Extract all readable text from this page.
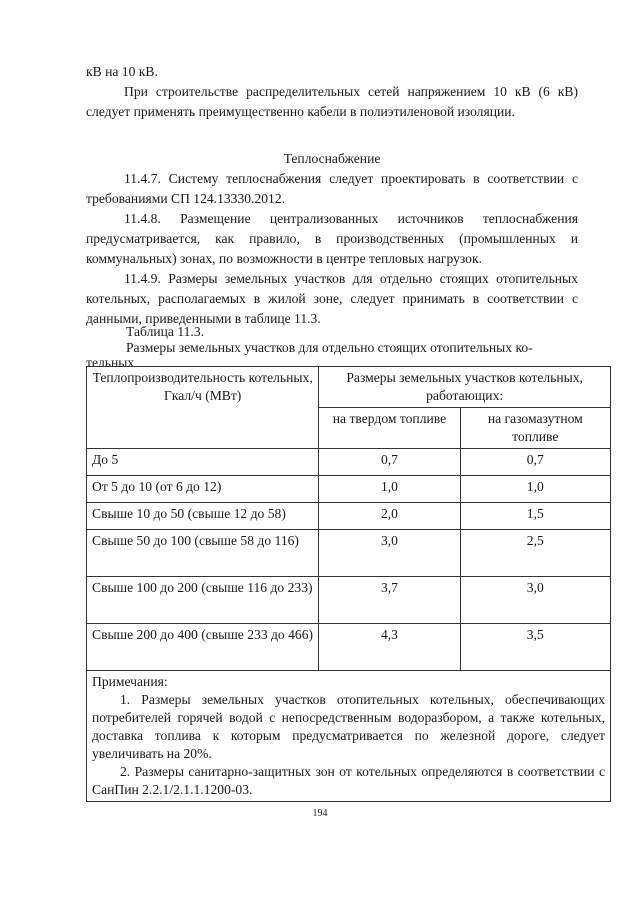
кВ на 10 кВ.

При строительстве распределительных сетей напряжением 10 кВ (6 кВ) следует применять преимущественно кабели в полиэтиленовой изоляции.

Теплоснабжение

11.4.7. Систему теплоснабжения следует проектировать в соответствии с требованиями СП 124.13330.2012.

11.4.8. Размещение централизованных источников теплоснабжения предусматривается, как правило, в производственных (промышленных и коммунальных) зонах, по возможности в центре тепловых нагрузок.

11.4.9. Размеры земельных участков для отдельно стоящих отопительных котельных, располагаемых в жилой зоне, следует принимать в соответствии с данными, приведенными в таблице 11.3.

Таблица 11.3.
Размеры земельных участков для отдельно стоящих отопительных ко-
тельных
Теплопроизводительность котельных, Гкал/ч (МВт)	Размеры земельных участков котельных, работающих:	
	на твердом топливе	на газомазутном топливе
До 5	0,7	0,7
От 5 до 10 (от 6 до 12)	1,0	1,0
Свыше 10 до 50 (свыше 12 до 58)	2,0	1,5
Свыше 50 до 100 (свыше 58 до 116)	3,0	2,5
Свыше 100 до 200 (свыше 116 до 233)	3,7	3,0
Свыше 200 до 400 (свыше 233 до 466)	4,3	3,5

Примечания:
1. Размеры земельных участков отопительных котельных, обеспечивающих потребителей горячей водой с непосредственным водоразбором, а также котельных, доставка топлива к которым предусматривается по железной дороге, следует увеличивать на 20%.
2. Размеры санитарно-защитных зон от котельных определяются в соответствии с СанПин 2.2.1/2.1.1.1200-03.		
194
